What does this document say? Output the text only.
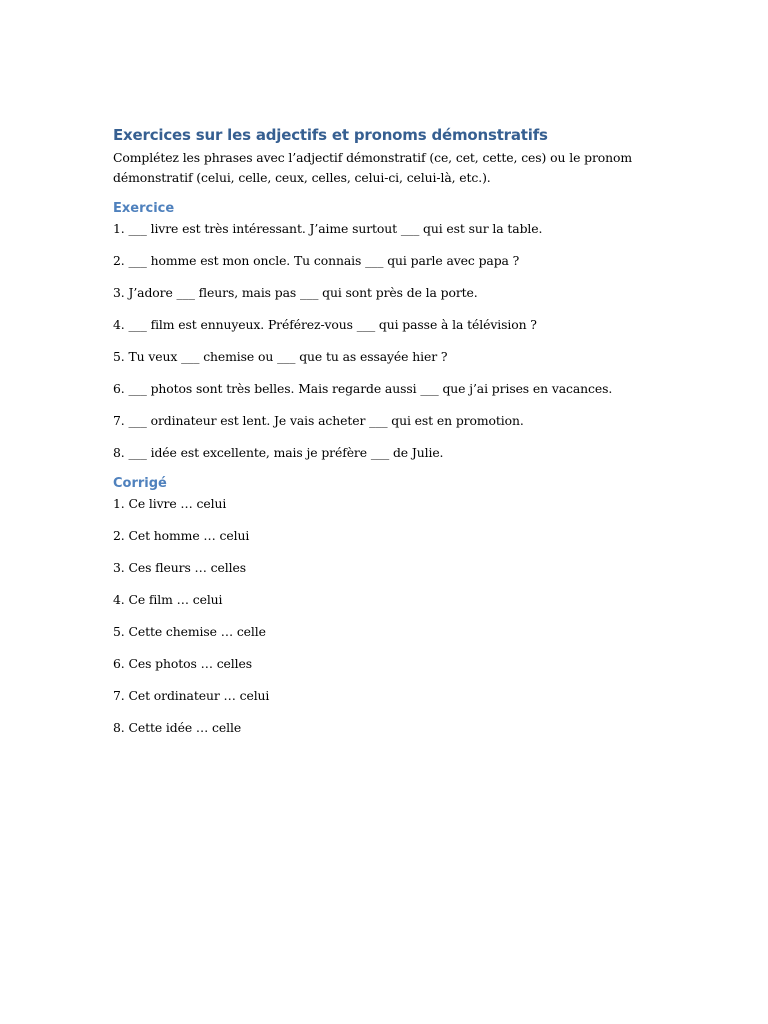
Exercices sur les adjectifs et pronoms démonstratifs

Complétez les phrases avec l’adjectif démonstratif (ce, cet, cette, ces) ou le pronom démonstratif (celui, celle, ceux, celles, celui-ci, celui-là, etc.).

Exercice
1. ___ livre est très intéressant. J’aime surtout ___ qui est sur la table.
2. ___ homme est mon oncle. Tu connais ___ qui parle avec papa ?
3. J’adore ___ fleurs, mais pas ___ qui sont près de la porte.
4. ___ film est ennuyeux. Préférez-vous ___ qui passe à la télévision ?
5. Tu veux ___ chemise ou ___ que tu as essayée hier ?
6. ___ photos sont très belles. Mais regarde aussi ___ que j’ai prises en vacances.
7. ___ ordinateur est lent. Je vais acheter ___ qui est en promotion.
8. ___ idée est excellente, mais je préfère ___ de Julie.
Corrigé
1. Ce livre … celui
2. Cet homme … celui
3. Ces fleurs … celles
4. Ce film … celui
5. Cette chemise … celle
6. Ces photos … celles
7. Cet ordinateur … celui
8. Cette idée … celle
